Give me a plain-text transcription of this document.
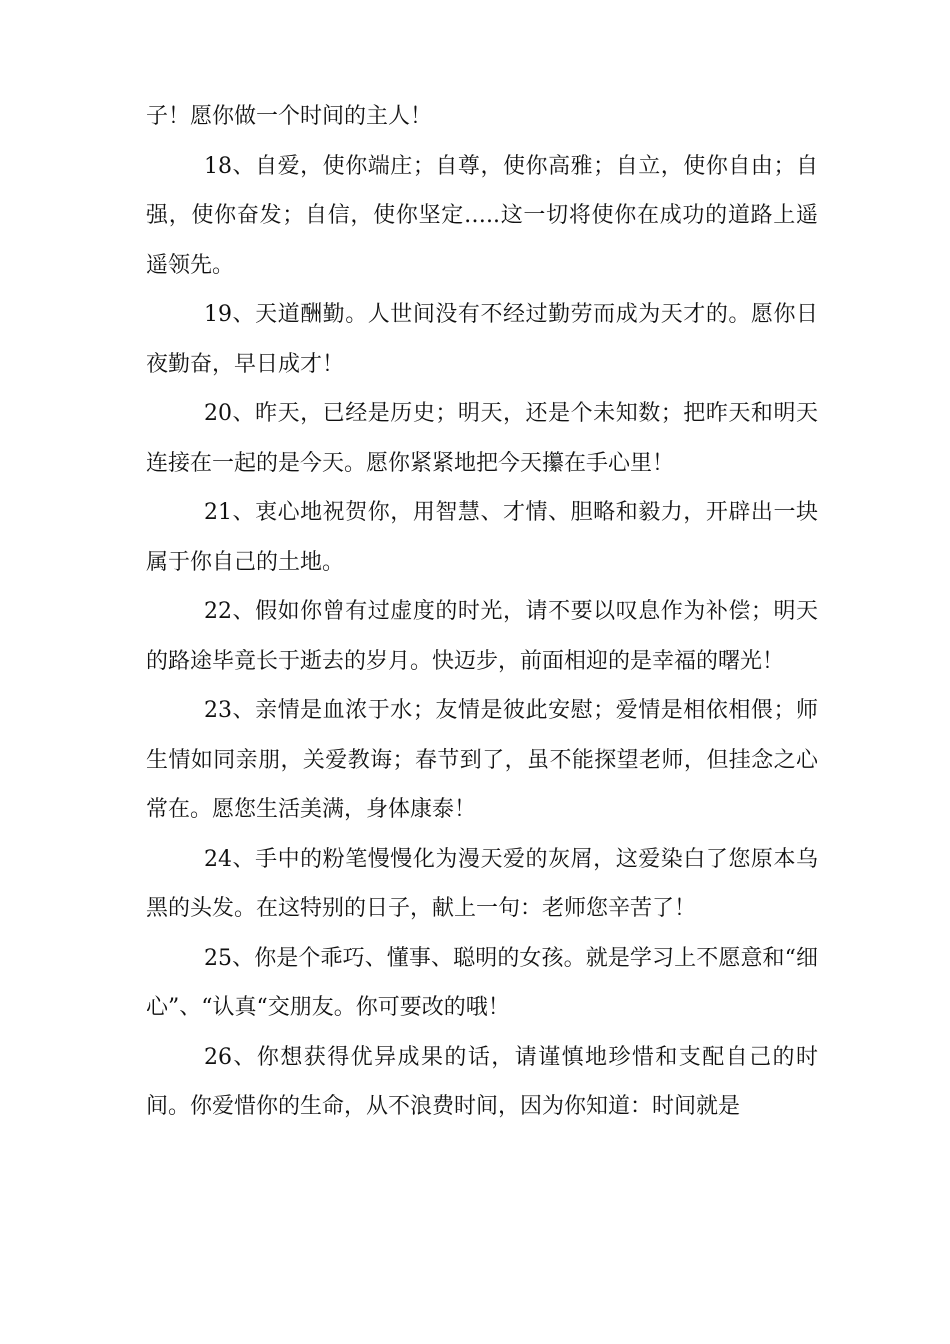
子！愿你做一个时间的主人！

18、自爱，使你端庄；自尊，使你高雅；自立，使你自由；自强，使你奋发；自信，使你坚定…..这一切将使你在成功的道路上遥遥领先。

19、天道酬勤。人世间没有不经过勤劳而成为天才的。愿你日夜勤奋，早日成才！

20、昨天，已经是历史；明天，还是个未知数；把昨天和明天连接在一起的是今天。愿你紧紧地把今天攥在手心里！

21、衷心地祝贺你，用智慧、才情、胆略和毅力，开辟出一块属于你自己的土地。

22、假如你曾有过虚度的时光，请不要以叹息作为补偿；明天的路途毕竟长于逝去的岁月。快迈步，前面相迎的是幸福的曙光！

23、亲情是血浓于水；友情是彼此安慰；爱情是相依相偎；师生情如同亲朋，关爱教诲；春节到了，虽不能探望老师，但挂念之心常在。愿您生活美满，身体康泰！

24、手中的粉笔慢慢化为漫天爱的灰屑，这爱染白了您原本乌黑的头发。在这特别的日子，献上一句：老师您辛苦了！

25、你是个乖巧、懂事、聪明的女孩。就是学习上不愿意和“细心”、“认真“交朋友。你可要改的哦！

26、你想获得优异成果的话，请谨慎地珍惜和支配自己的时间。你爱惜你的生命，从不浪费时间，因为你知道：时间就是
